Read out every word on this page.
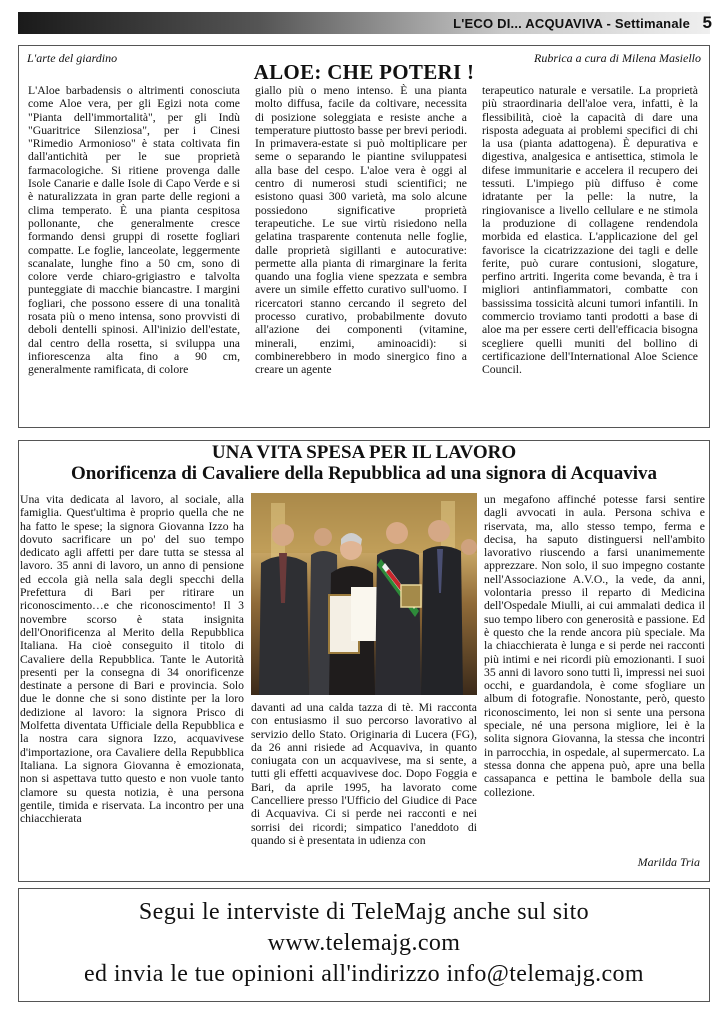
L'ECO DI... ACQUAVIVA - Settimanale 5
L'arte del giardino	Rubrica a cura di Milena Masiello
ALOE: CHE POTERI !
L'Aloe barbadensis o altrimenti conosciuta come Aloe vera, per gli Egizi nota come "Pianta dell'immortalità", per gli Indù "Guaritrice Silenziosa", per i Cinesi "Rimedio Armonioso" è stata coltivata fin dall'antichità per le sue proprietà farmacologiche. Si ritiene provenga dalle Isole Canarie e dalle Isole di Capo Verde e si è naturalizzata in gran parte delle regioni a clima temperato. È una pianta cespitosa pollonante, che generalmente cresce formando densi gruppi di rosette fogliari compatte. Le foglie, lanceolate, leggermente scanalate, lunghe fino a 50 cm, sono di colore verde chiaro-grigiastro e talvolta punteggiate di macchie biancastre. I margini fogliari, che possono essere di una tonalità rosata più o meno intensa, sono provvisti di deboli dentelli spinosi. All'inizio dell'estate, dal centro della rosetta, si sviluppa una infiorescenza alta fino a 90 cm, generalmente ramificata, di colore
giallo più o meno intenso. È una pianta molto diffusa, facile da coltivare, necessita di posizione soleggiata e resiste anche a temperature piuttosto basse per brevi periodi. In primavera-estate si può moltiplicare per seme o separando le piantine sviluppatesi alla base del cespo. L'aloe vera è oggi al centro di numerosi studi scientifici; ne esistono quasi 300 varietà, ma solo alcune possiedono significative proprietà terapeutiche. Le sue virtù risiedono nella gelatina trasparente contenuta nelle foglie, dalle proprietà sigillanti e autocurative: permette alla pianta di rimarginare la ferita quando una foglia viene spezzata e sembra avere un simile effetto curativo sull'uomo. I ricercatori stanno cercando il segreto del processo curativo, probabilmente dovuto all'azione dei componenti (vitamine, minerali, enzimi, aminoacidi): si combinerebbero in modo sinergico fino a creare un agente
terapeutico naturale e versatile. La proprietà più straordinaria dell'aloe vera, infatti, è la flessibilità, cioè la capacità di dare una risposta adeguata ai problemi specifici di chi la usa (pianta adattogena). È depurativa e digestiva, analgesica e antisettica, stimola le difese immunitarie e accelera il recupero dei tessuti. L'impiego più diffuso è come idratante per la pelle: la nutre, la ringiovanisce a livello cellulare e ne stimola la produzione di collagene rendendola morbida ed elastica. L'applicazione del gel favorisce la cicatrizzazione dei tagli e delle ferite, può curare contusioni, slogature, perfino artriti. Ingerita come bevanda, è tra i migliori antinfiammatori, combatte con bassissima tossicità alcuni tumori infantili. In commercio troviamo tanti prodotti a base di aloe ma per essere certi dell'efficacia bisogna scegliere quelli muniti del bollino di certificazione dell'International Aloe Science Council.
UNA VITA SPESA PER IL LAVORO
Onorificenza di Cavaliere della Repubblica ad una signora di Acquaviva
Una vita dedicata al lavoro, al sociale, alla famiglia. Quest'ultima è proprio quella che ne ha fatto le spese; la signora Giovanna Izzo ha dovuto sacrificare un po' del suo tempo dedicato agli affetti per dare tutta se stessa al lavoro. 35 anni di lavoro, un anno di pensione ed eccola già nella sala degli specchi della Prefettura di Bari per ritirare un riconoscimento…e che riconoscimento! Il 3 novembre scorso è stata insignita dell'Onorificenza al Merito della Repubblica Italiana. Ha cioè conseguito il titolo di Cavaliere della Repubblica. Tante le Autorità presenti per la consegna di 34 onorificenze destinate a persone di Bari e provincia. Solo due le donne che si sono distinte per la loro dedizione al lavoro: la signora Prisco di Molfetta diventata Ufficiale della Repubblica e la nostra cara signora Izzo, acquavivese d'importazione, ora Cavaliere della Repubblica Italiana. La signora Giovanna è emozionata, non si aspettava tutto questo e non vuole tanto clamore su questa notizia, è una persona gentile, timida e riservata. La incontro per una chiacchierata
davanti ad una calda tazza di tè. Mi racconta con entusiasmo il suo percorso lavorativo al servizio dello Stato. Originaria di Lucera (FG), da 26 anni risiede ad Acquaviva, in quanto coniugata con un acquavivese, ma si sente, a tutti gli effetti acquavivese doc. Dopo Foggia e Bari, da aprile 1995, ha lavorato come Cancelliere presso l'Ufficio del Giudice di Pace di Acquaviva. Ci si perde nei racconti e nei sorrisi dei ricordi; simpatico l'aneddoto di quando si è presentata in udienza con
un megafono affinché potesse farsi sentire dagli avvocati in aula. Persona schiva e riservata, ma, allo stesso tempo, ferma e decisa, ha saputo distinguersi nell'ambito lavorativo riuscendo a farsi unanimemente apprezzare. Non solo, il suo impegno costante nell'Associazione A.V.O., la vede, da anni, volontaria presso il reparto di Medicina dell'Ospedale Miulli, ai cui ammalati dedica il suo tempo libero con generosità e passione. Ed è questo che la rende ancora più speciale. Ma la chiacchierata è lunga e si perde nei racconti più intimi e nei ricordi più emozionanti. I suoi 35 anni di lavoro sono tutti lì, impressi nei suoi occhi, e guardandola, è come sfogliare un album di fotografie. Nonostante, però, questo riconoscimento, lei non si sente una persona speciale, né una persona migliore, lei è la solita signora Giovanna, la stessa che incontri in parrocchia, in ospedale, al supermercato. La stessa donna che appena può, apre una bella cassapanca e pettina le bambole della sua collezione.
Marilda Tria
Segui le interviste di TeleMajg anche sul sito
www.telemajg.com
ed invia le tue opinioni all'indirizzo info@telemajg.com
